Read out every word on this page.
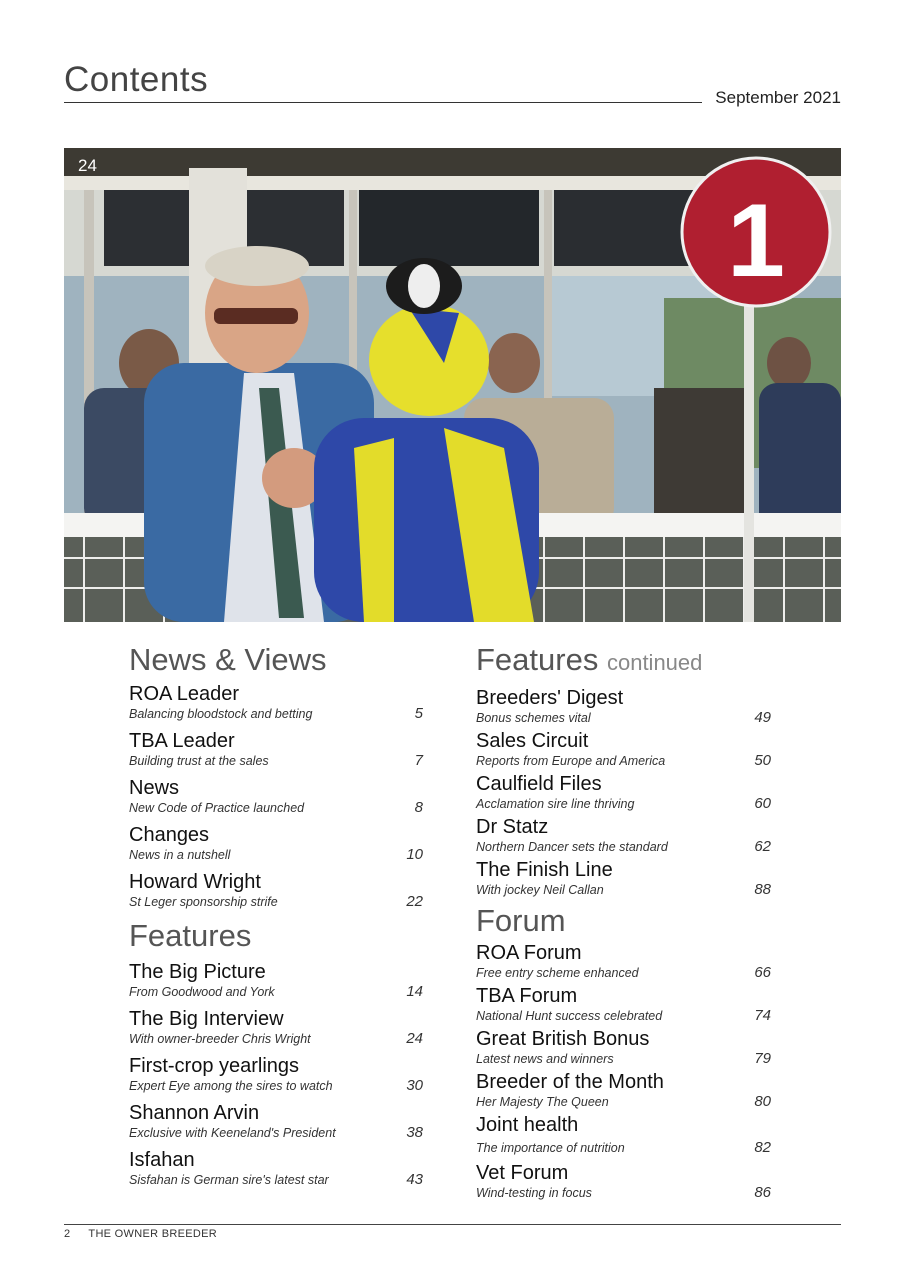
Contents	September 2021
1
24
News & Views
ROA Leader
Balancing bloodstock and betting	5
TBA Leader
Building trust at the sales	7
News
New Code of Practice launched	8
Changes
News in a nutshell	10
Howard Wright
St Leger sponsorship strife	22
Features
The Big Picture
From Goodwood and York	14
The Big Interview
With owner-breeder Chris Wright	24
First-crop yearlings
Expert Eye among the sires to watch	30
Shannon Arvin
Exclusive with Keeneland's President	38
Isfahan
Sisfahan is German sire's latest star	43
Features continued
Breeders' Digest
Bonus schemes vital	49
Sales Circuit
Reports from Europe and America	50
Caulfield Files
Acclamation sire line thriving	60
Dr Statz
Northern Dancer sets the standard	62
The Finish Line
With jockey Neil Callan	88
Forum
ROA Forum
Free entry scheme enhanced	66
TBA Forum
National Hunt success celebrated	74
Great British Bonus
Latest news and winners	79
Breeder of the Month
Her Majesty The Queen	80
Joint health
The importance of nutrition	82
Vet Forum
Wind-testing in focus	86
2 THE OWNER BREEDER
